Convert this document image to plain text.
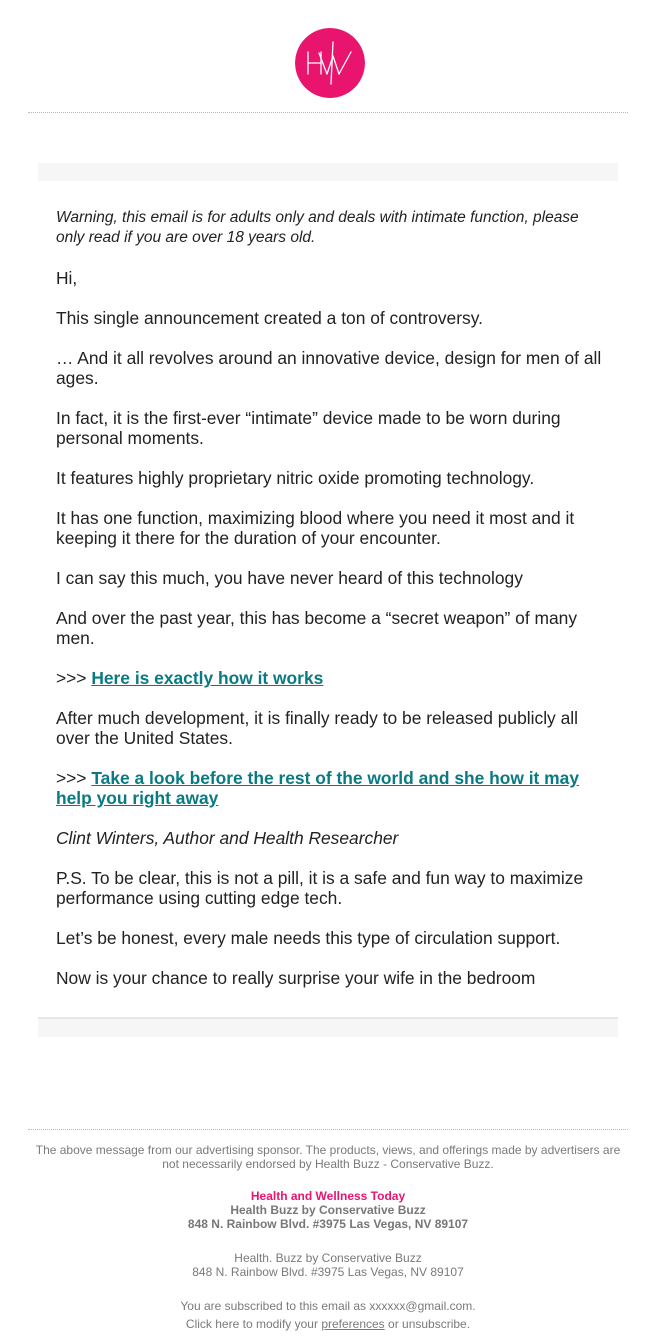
Warning, this email is for adults only and deals with intimate function, please only read if you are over 18 years old.

Hi,

This single announcement created a ton of controversy.

… And it all revolves around an innovative device, design for men of all ages.

In fact, it is the first-ever “intimate” device made to be worn during personal moments.

It features highly proprietary nitric oxide promoting technology.

It has one function, maximizing blood where you need it most and it keeping it there for the duration of your encounter.

I can say this much, you have never heard of this technology

And over the past year, this has become a “secret weapon” of many men.

>>> Here is exactly how it works

After much development, it is finally ready to be released publicly all over the United States.

>>> Take a look before the rest of the world and she how it may help you right away

Clint Winters, Author and Health Researcher

P.S. To be clear, this is not a pill, it is a safe and fun way to maximize performance using cutting edge tech.

Let’s be honest, every male needs this type of circulation support.

Now is your chance to really surprise your wife in the bedroom

The above message from our advertising sponsor. The products, views, and offerings made by advertisers are not necessarily endorsed by Health Buzz - Conservative Buzz.

Health and Wellness Today

Health Buzz by Conservative Buzz

848 N. Rainbow Blvd. #3975 Las Vegas, NV 89107

Health. Buzz by Conservative Buzz

848 N. Rainbow Blvd. #3975 Las Vegas, NV 89107

You are subscribed to this email as xxxxxx@gmail.com.

Click here to modify your preferences or unsubscribe.
